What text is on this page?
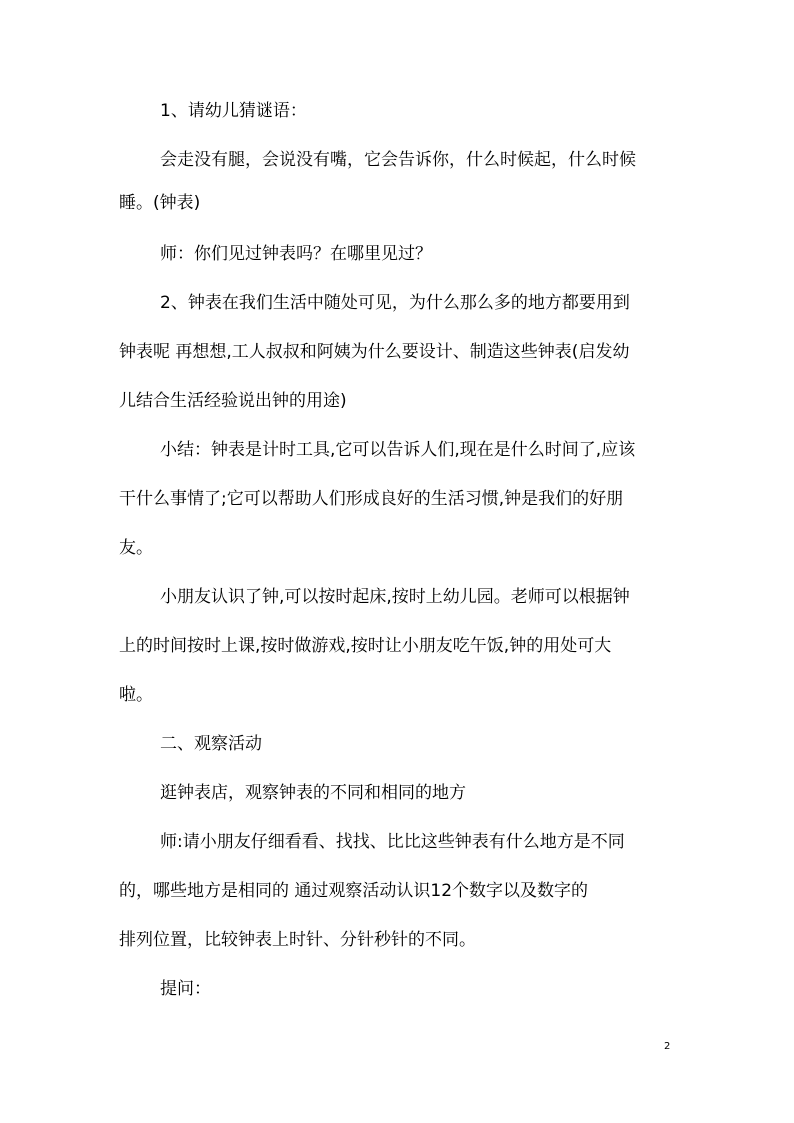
1、请幼儿猜谜语：
会走没有腿，会说没有嘴，它会告诉你，什么时候起，什么时候
睡。(钟表)
师：你们见过钟表吗？在哪里见过？
2、钟表在我们生活中随处可见，为什么那么多的地方都要用到
钟表呢 再想想,工人叔叔和阿姨为什么要设计、制造这些钟表(启发幼
儿结合生活经验说出钟的用途)
小结：钟表是计时工具,它可以告诉人们,现在是什么时间了,应该
干什么事情了;它可以帮助人们形成良好的生活习惯,钟是我们的好朋
友。
小朋友认识了钟,可以按时起床,按时上幼儿园。老师可以根据钟
上的时间按时上课,按时做游戏,按时让小朋友吃午饭,钟的用处可大
啦。
二、观察活动
逛钟表店，观察钟表的不同和相同的地方
师:请小朋友仔细看看、找找、比比这些钟表有什么地方是不同
的，哪些地方是相同的 通过观察活动认识12个数字以及数字的
排列位置，比较钟表上时针、分针秒针的不同。
提问：
2
